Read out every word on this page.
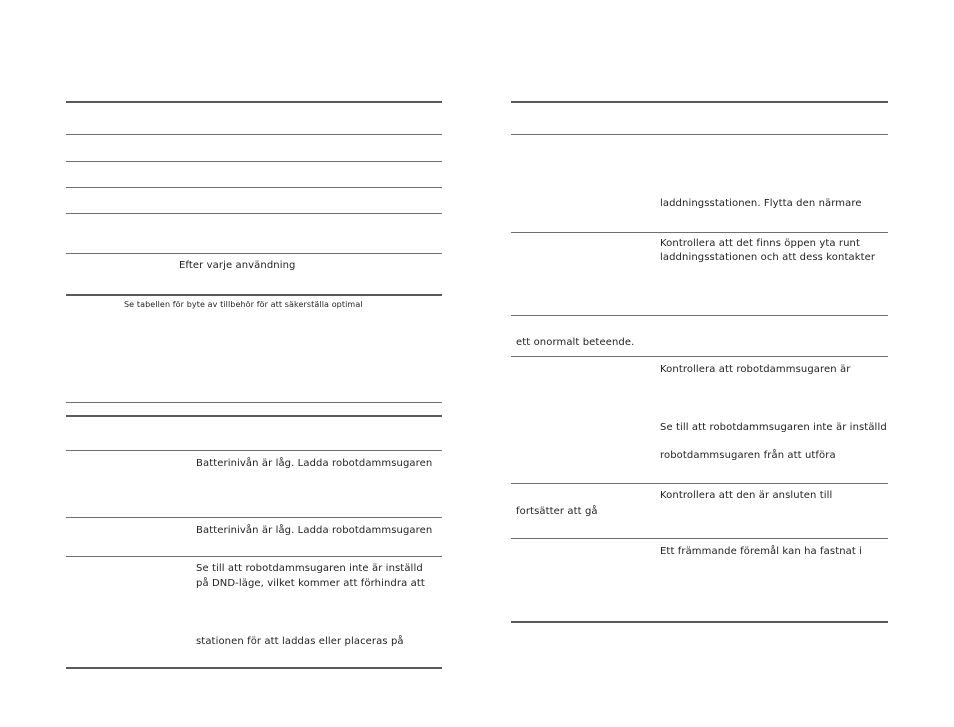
Efter varje användning
Se tabellen för byte av tillbehör för att säkerställa optimal
Batterinivån är låg. Ladda robotdammsugaren
Batterinivån är låg. Ladda robotdammsugaren
Se till att robotdammsugaren inte är inställd
på DND-läge, vilket kommer att förhindra att
stationen för att laddas eller placeras på
laddningsstationen. Flytta den närmare
Kontrollera att det finns öppen yta runt
laddningsstationen och att dess kontakter
ett onormalt beteende.
Kontrollera att robotdammsugaren är
Se till att robotdammsugaren inte är inställd
robotdammsugaren från att utföra
Kontrollera att den är ansluten till
fortsätter att gå
Ett främmande föremål kan ha fastnat i
